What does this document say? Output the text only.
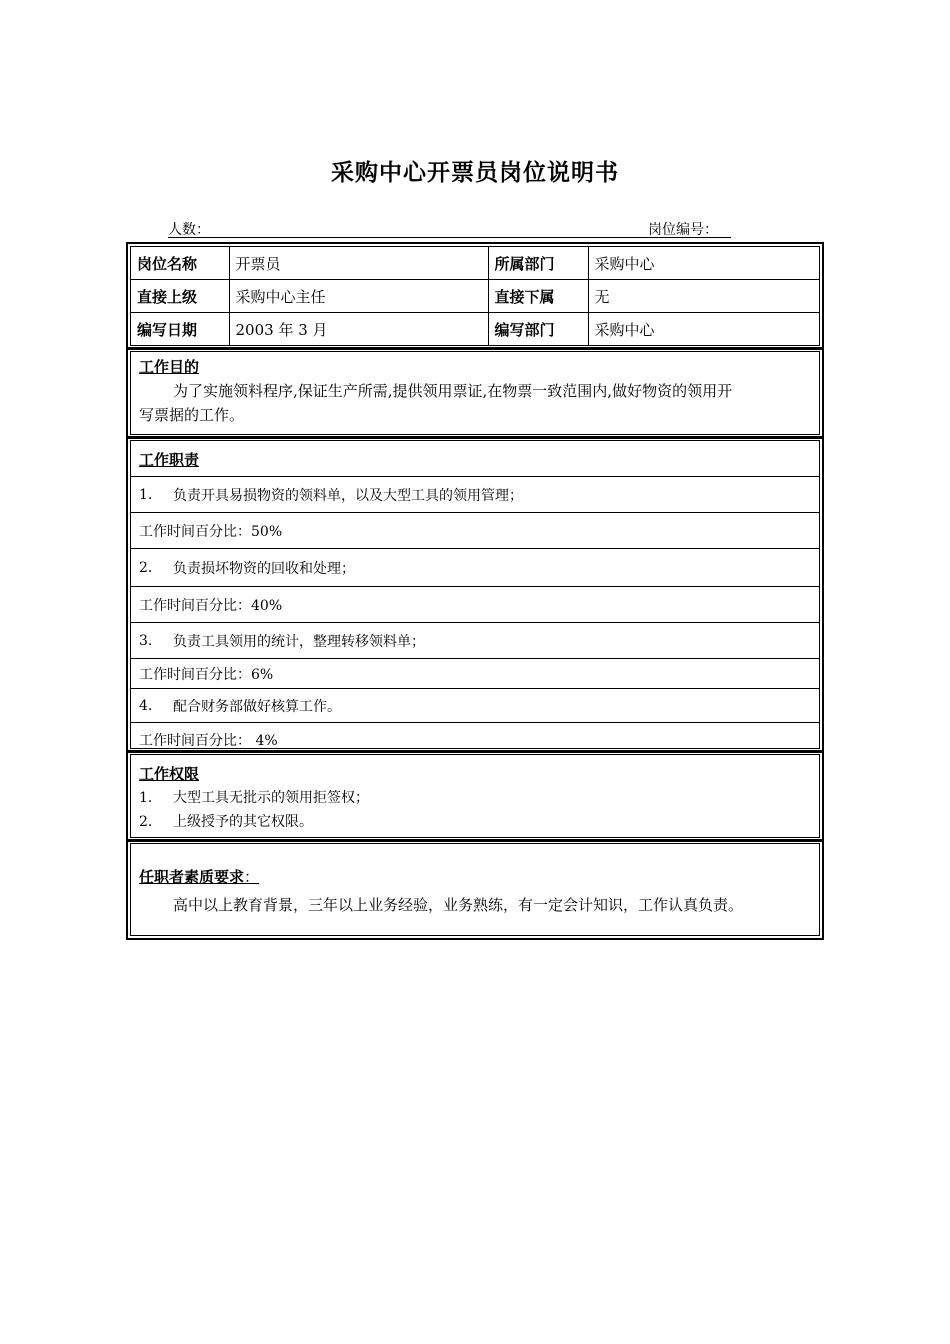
采购中心开票员岗位说明书
人数：	岗位编号：
岗位名称	开票员	所属部门	采购中心
直接上级	采购中心主任	直接下属	无
编写日期	2003 年 3 月	编写部门	采购中心
工作目的
为了实施领料程序,保证生产所需,提供领用票证,在物票一致范围内,做好物资的领用开
写票据的工作。
工作职责
1.	负责开具易损物资的领料单，以及大型工具的领用管理；
工作时间百分比：50%
2.	负责损坏物资的回收和处理；
工作时间百分比：40%
3.	负责工具领用的统计，整理转移领料单；
工作时间百分比：6%
4.	配合财务部做好核算工作。
工作时间百分比： 4%
工作权限
1. 大型工具无批示的领用拒签权；
2. 上级授予的其它权限。
任职者素质要求：
高中以上教育背景，三年以上业务经验，业务熟练，有一定会计知识，工作认真负责。
